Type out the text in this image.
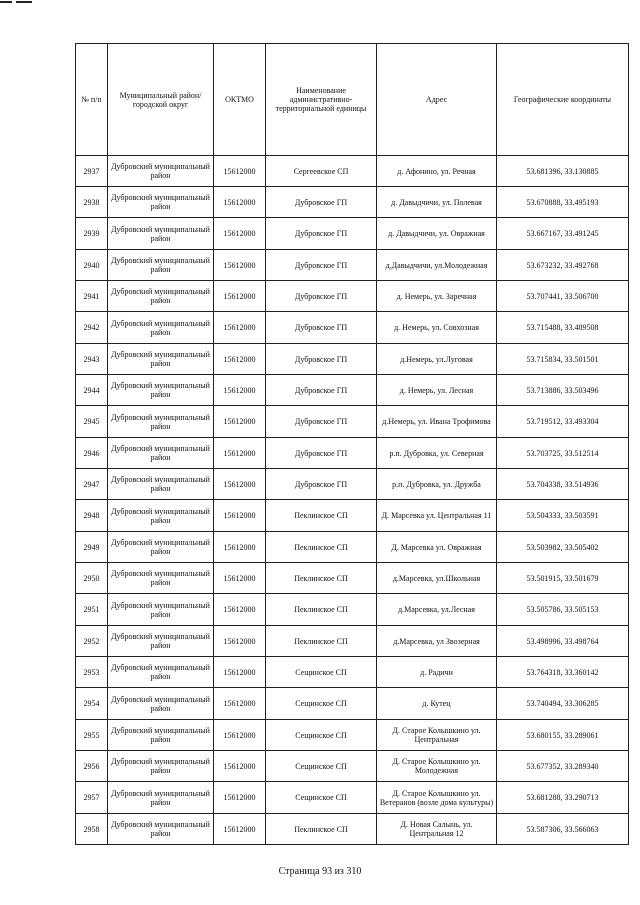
№ п/п	Муниципальный район/городской округ	ОКТМО	Наименование административно-территориальной единицы	Адрес	Географические координаты
2937	Дубровский муниципальный район	15612000	Сергеевское СП	д. Афонино, ул. Речная	53.681396, 33.130885
2938	Дубровский муниципальный район	15612000	Дубровское ГП	д. Давыдчичи, ул. Полевая	53.670888, 33.495193
2939	Дубровский муниципальный район	15612000	Дубровское ГП	д. Давыдчичи, ул. Овражная	53.667167, 33.491245
2940	Дубровский муниципальный район	15612000	Дубровское ГП	д.Давыдчичи, ул.Молодежная	53.673232, 33.492768
2941	Дубровский муниципальный район	15612000	Дубровское ГП	д. Немерь, ул. Заречная	53.707441, 33.506700
2942	Дубровский муниципальный район	15612000	Дубровское ГП	д. Немерь, ул. Совхозная	53.715488, 33.489508
2943	Дубровский муниципальный район	15612000	Дубровское ГП	д.Немерь, ул.Луговая	53.715834, 33.501501
2944	Дубровский муниципальный район	15612000	Дубровское ГП	д. Немерь, ул. Лесная	53.713886, 33.503496
2945	Дубровский муниципальный район	15612000	Дубровское ГП	д.Немерь, ул. Ивана Трофимова	53.719512, 33.493304
2946	Дубровский муниципальный район	15612000	Дубровское ГП	р.п. Дубровка, ул. Северная	53.703725, 33.512514
2947	Дубровский муниципальный район	15612000	Дубровское ГП	р.п. Дубровка, ул. Дружба	53.704338, 33.514936
2948	Дубровский муниципальный район	15612000	Пеклинское СП	Д. Марсевка ул. Центральная 11	53.504333, 33.503591
2949	Дубровский муниципальный район	15612000	Пеклинское СП	Д. Марсевка ул. Овражная	53.503982, 33.505402
2950	Дубровский муниципальный район	15612000	Пеклинское СП	д.Марсевка, ул.Школьная	53.501915, 33.501679
2951	Дубровский муниципальный район	15612000	Пеклинское СП	д.Марсевка, ул.Лесная	53.505786, 33.505153
2952	Дубровский муниципальный район	15612000	Пеклинское СП	д.Марсевка, ул Звозерная	53.498996, 33.498764
2953	Дубровский муниципальный район	15612000	Сещинское СП	д. Радичи	53.764318, 33.360142
2954	Дубровский муниципальный район	15612000	Сещинское СП	д. Кутец	53.740494, 33.306285
2955	Дубровский муниципальный район	15612000	Сещинское СП	Д. Старое Колышкино ул. Центральная	53.680155, 33.289061
2956	Дубровский муниципальный район	15612000	Сещинское СП	Д. Старое Колышкино ул. Молодежная	53.677352, 33.289340
2957	Дубровский муниципальный район	15612000	Сещинское СП	Д. Старое Колышкино ул. Ветеранов (возле дома культуры)	53.681288, 33.290713
2958	Дубровский муниципальный район	15612000	Пеклинское СП	Д. Новая Салынь, ул. Центральная 12	53.587306, 33.566063
Страница 93 из 310
